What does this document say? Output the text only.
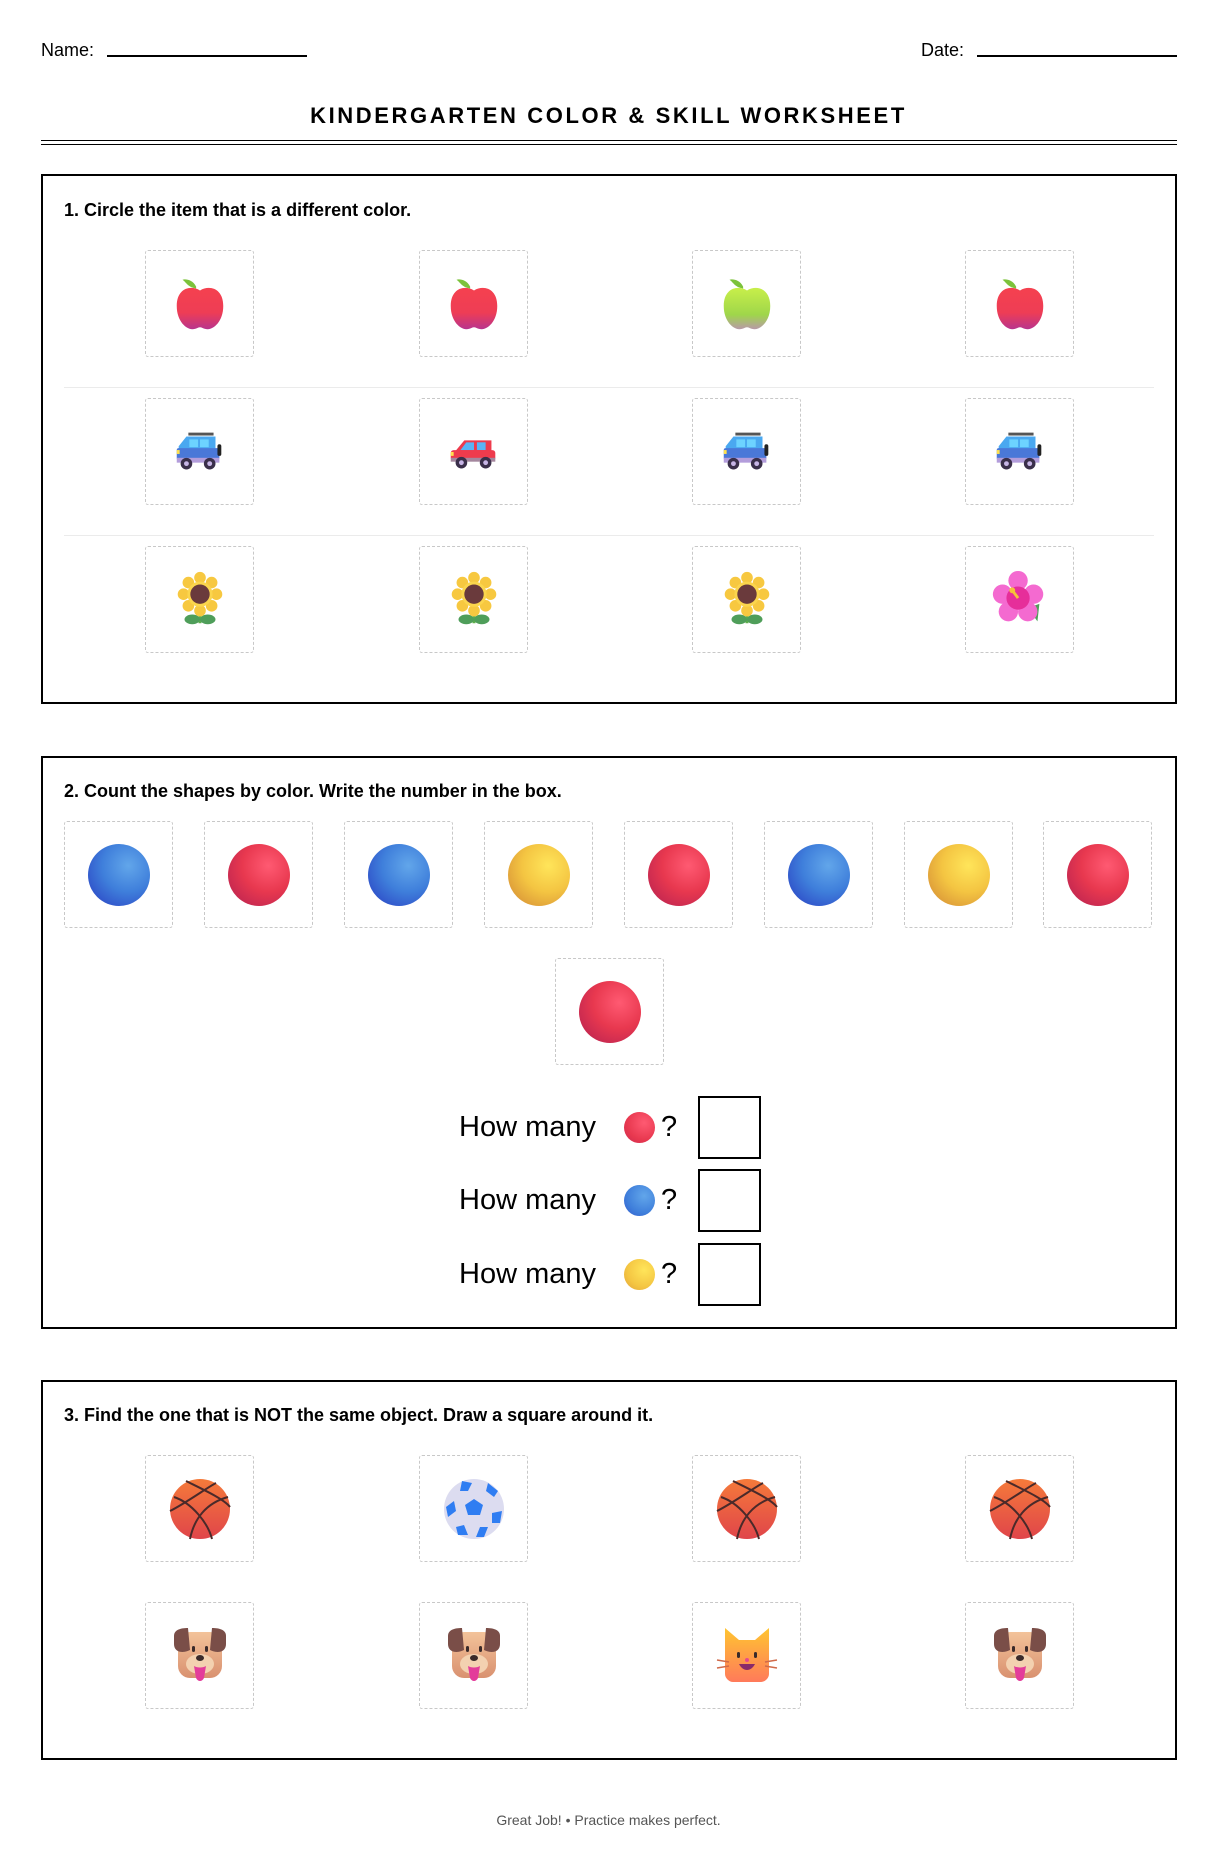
Name:	Date:
KINDERGARTEN COLOR & SKILL WORKSHEET
1. Circle the item that is a different color.
2. Count the shapes by color. Write the number in the box.
How many	?
How many	?
How many	?
3. Find the one that is NOT the same object. Draw a square around it.
Great Job! • Practice makes perfect.
